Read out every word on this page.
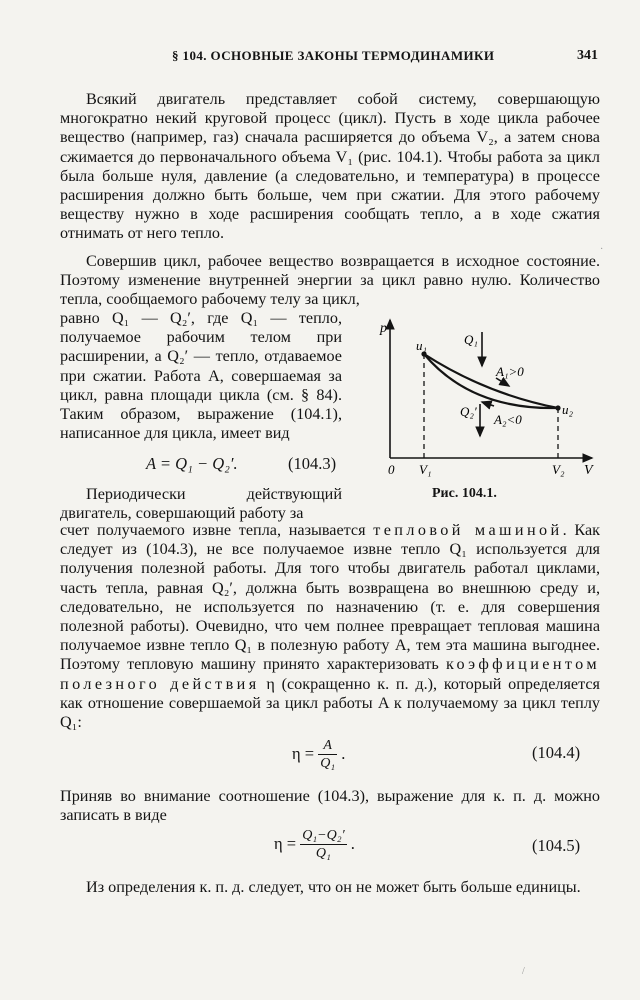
§ 104. ОСНОВНЫЕ ЗАКОНЫ ТЕРМОДИНАМИКИ	341

Всякий двигатель представляет собой систему, совершающую многократно некий круговой процесс (цикл). Пусть в ходе цикла рабочее вещество (например, газ) сначала расширяется до объема V₂, а затем снова сжимается до первоначального объема V₁ (рис. 104.1). Чтобы работа за цикл была больше нуля, давление (а следовательно, и температура) в процессе расширения должно быть больше, чем при сжатии. Для этого рабочему веществу нужно в ходе расширения сообщать тепло, а в ходе сжатия отнимать от него тепло.

Совершив цикл, рабочее вещество возвращается в исходное состояние. Поэтому изменение внутренней энергии за цикл равно нулю. Количество тепла, сообщаемого рабочему телу за цикл,

равно Q₁ — Q₂′, где Q₁ — тепло, получаемое рабочим телом при расширении, а Q₂′ — тепло, отдаваемое при сжатии. Работа A, совершаемая за цикл, равна площади цикла (см. § 84). Таким образом, выражение (104.1), написанное для цикла, имеет вид

A = Q₁ − Q₂′.	(104.3)

Периодически действующий двигатель, совершающий работу за

счет получаемого извне тепла, называется тепловой машиной. Как следует из (104.3), не все получаемое извне тепло Q₁ используется для получения полезной работы. Для того чтобы двигатель работал циклами, часть тепла, равная Q₂′, должна быть возвращена во внешнюю среду и, следовательно, не используется по назначению (т. е. для совершения полезной работы). Очевидно, что чем полнее превращает тепловая машина получаемое извне тепло Q₁ в полезную работу A, тем эта машина выгоднее. Поэтому тепловую машину принято характеризовать коэффициентом полезного действия η (сокращенно к. п. д.), который определяется как отношение совершаемой за цикл работы A к получаемому за цикл теплу Q₁:

$\eta = \frac{A}{\text{Q₁}}$ .	(104.4)

Приняв во внимание соотношение (104.3), выражение для к. п. д. можно записать в виде

$\eta = \frac{\text{Q₁−Q₂′}}{\text{Q₁}}$ .	(104.5)

Из определения к. п. д. следует, что он не может быть больше единицы.

p
V
0 V₁	V₂
u₁
u₂
Q₁
Q₂′
A₁>0
A₂<0
Рис. 104.1.
·
/
